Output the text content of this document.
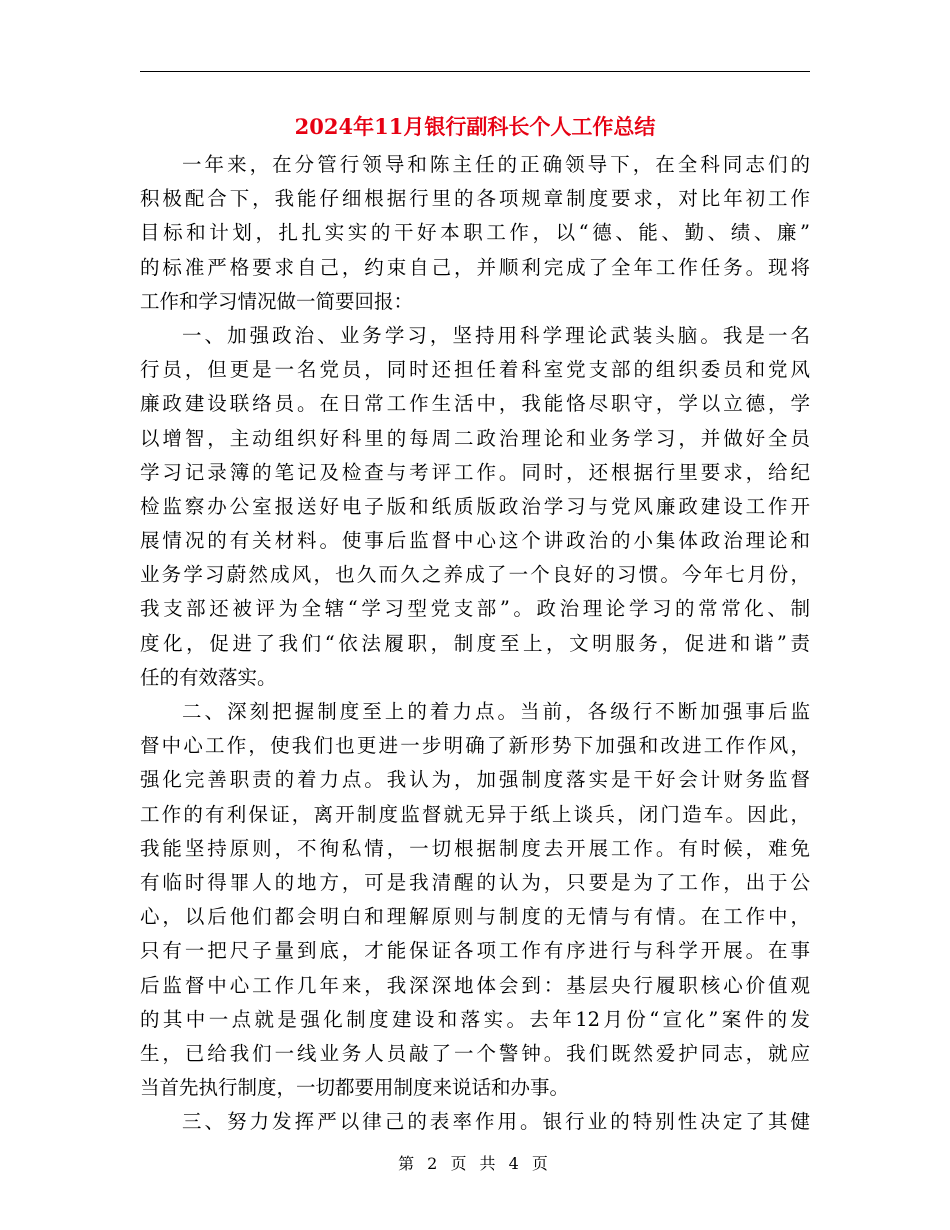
2024年11月银行副科长个人工作总结
一年来，在分管行领导和陈主任的正确领导下，在全科同志们的
积极配合下，我能仔细根据行里的各项规章制度要求，对比年初工作
目标和计划，扎扎实实的干好本职工作，以“德、能、勤、绩、廉”
的标准严格要求自己，约束自己，并顺利完成了全年工作任务。现将
工作和学习情况做一简要回报：
一、加强政治、业务学习，坚持用科学理论武装头脑。我是一名
行员，但更是一名党员，同时还担任着科室党支部的组织委员和党风
廉政建设联络员。在日常工作生活中，我能恪尽职守，学以立德，学
以增智，主动组织好科里的每周二政治理论和业务学习，并做好全员
学习记录簿的笔记及检查与考评工作。同时，还根据行里要求，给纪
检监察办公室报送好电子版和纸质版政治学习与党风廉政建设工作开
展情况的有关材料。使事后监督中心这个讲政治的小集体政治理论和
业务学习蔚然成风，也久而久之养成了一个良好的习惯。今年七月份，
我支部还被评为全辖“学习型党支部”。政治理论学习的常常化、制
度化，促进了我们“依法履职，制度至上，文明服务，促进和谐”责
任的有效落实。
二、深刻把握制度至上的着力点。当前，各级行不断加强事后监
督中心工作，使我们也更进一步明确了新形势下加强和改进工作作风，
强化完善职责的着力点。我认为，加强制度落实是干好会计财务监督
工作的有利保证，离开制度监督就无异于纸上谈兵，闭门造车。因此，
我能坚持原则，不徇私情，一切根据制度去开展工作。有时候，难免
有临时得罪人的地方，可是我清醒的认为，只要是为了工作，出于公
心，以后他们都会明白和理解原则与制度的无情与有情。在工作中，
只有一把尺子量到底，才能保证各项工作有序进行与科学开展。在事
后监督中心工作几年来，我深深地体会到：基层央行履职核心价值观
的其中一点就是强化制度建设和落实。去年12月份“宣化”案件的发
生，已给我们一线业务人员敲了一个警钟。我们既然爱护同志，就应
当首先执行制度，一切都要用制度来说话和办事。
三、努力发挥严以律己的表率作用。银行业的特别性决定了其健
第 2 页 共 4 页
